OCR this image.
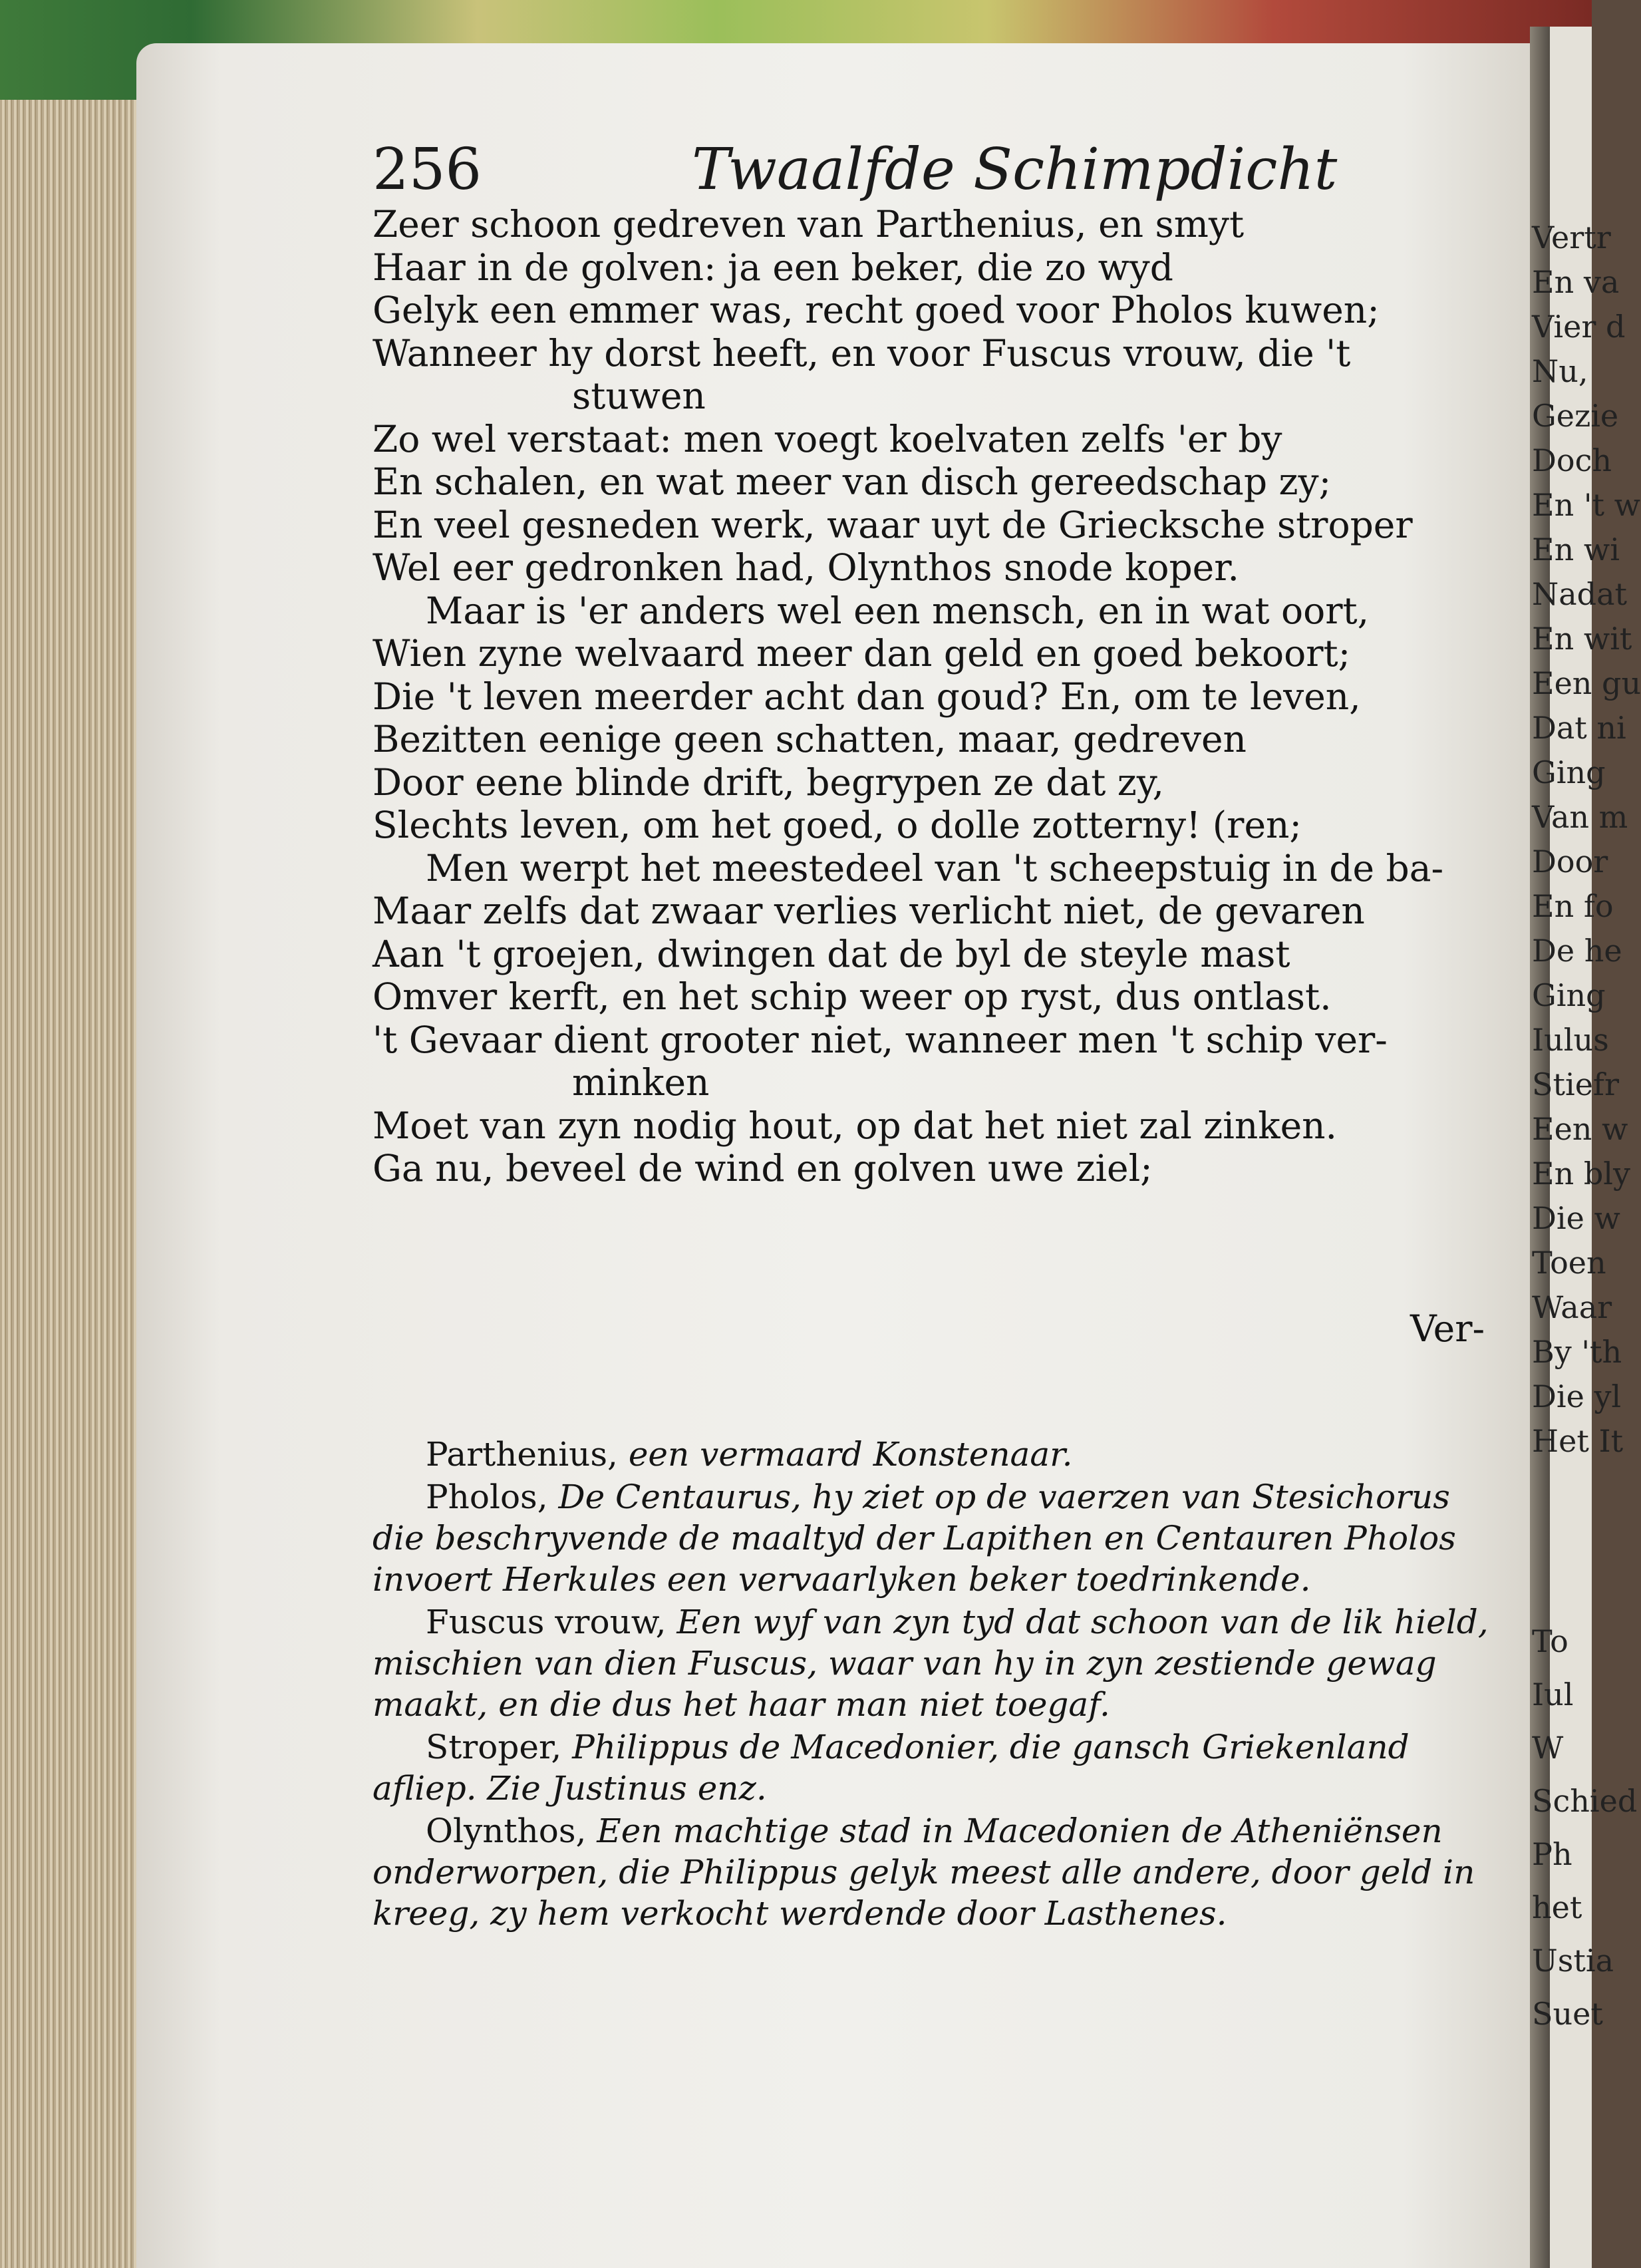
256	Twaalfde Schimpdicht
Zeer schoon gedreven van Parthenius, en smyt
Haar in de golven: ja een beker, die zo wyd
Gelyk een emmer was, recht goed voor Pholos kuwen;
Wanneer hy dorst heeft, en voor Fuscus vrouw, die 't
stuwen
Zo wel verstaat: men voegt koelvaten zelfs 'er by
En schalen, en wat meer van disch gereedschap zy;
En veel gesneden werk, waar uyt de Griecksche stroper
Wel eer gedronken had, Olynthos snode koper.
Maar is 'er anders wel een mensch, en in wat oort,
Wien zyne welvaard meer dan geld en goed bekoort;
Die 't leven meerder acht dan goud? En, om te leven,
Bezitten eenige geen schatten, maar, gedreven
Door eene blinde drift, begrypen ze dat zy,
Slechts leven, om het goed, o dolle zotterny! (ren;
Men werpt het meestedeel van 't scheepstuig in de ba-
Maar zelfs dat zwaar verlies verlicht niet, de gevaren
Aan 't groejen, dwingen dat de byl de steyle mast
Omver kerft, en het schip weer op ryst, dus ontlast.
't Gevaar dient grooter niet, wanneer men 't schip ver-
minken
Moet van zyn nodig hout, op dat het niet zal zinken.
Ga nu, beveel de wind en golven uwe ziel;
Ver-
Parthenius, een vermaard Konstenaar.
Pholos, De Centaurus, hy ziet op de vaerzen van Stesichorus die beschryvende de maaltyd der Lapithen en Centauren Pholos invoert Herkules een vervaarlyken beker toedrinkende.
Fuscus vrouw, Een wyf van zyn tyd dat schoon van de lik hield, mischien van dien Fuscus, waar van hy in zyn zestiende gewag maakt, en die dus het haar man niet toegaf.
Stroper, Philippus de Macedonier, die gansch Griekenland afliep. Zie Justinus enz.
Olynthos, Een machtige stad in Macedonien de Atheniënsen onderworpen, die Philippus gelyk meest alle andere, door geld in kreeg, zy hem verkocht werdende door Lasthenes.
Vertr
En va
Vier d
Nu,
Gezie
Doch
En 't w
En wi
Nadat
En wit
Een gu
Dat ni
Ging
Van m
Door
En fo
De he
Ging
Iulus
Stiefr
Een w
En bly
Die w
Toen
Waar
By 'th
Die yl
Het It
To
Iul
W
Schied
Ph
het
Ustia
Suet
